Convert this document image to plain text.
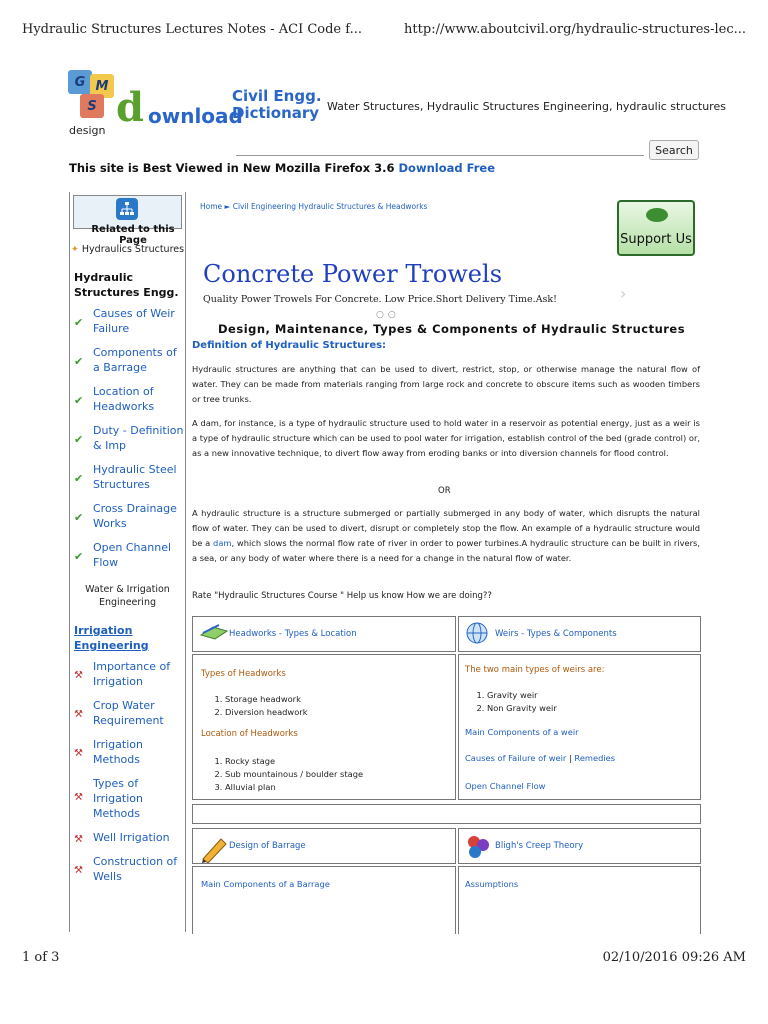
Hydraulic Structures Lectures Notes - ACI Code f...	http://www.aboutcivil.org/hydraulic-structures-lec...
G M
S d ownload
Civil Engg.
Dictionary Water Structures, Hydraulic Structures Engineering, hydraulic structures
design
Search
This site is Best Viewed in New Mozilla Firefox 3.6 Download Free
Related to this Page
✦ Hydraulics Structures
Hydraulic Structures Engg.
✔
Causes of Weir Failure
✔
Components of a Barrage
✔
Location of Headworks
✔
Duty - Definition & Imp
✔
Hydraulic Steel Structures
✔
Cross Drainage Works
✔
Open Channel Flow
Water & Irrigation Engineering
Irrigation Engineering
⚒
Importance of Irrigation
⚒
Crop Water Requirement
⚒
Irrigation Methods
⚒
Types of Irrigation Methods
⚒ Well Irrigation
⚒
Construction of Wells
Home ► Civil Engineering Hydraulic Structures & Headworks
Support Us
Concrete Power Trowels
Quality Power Trowels For Concrete. Low Price.Short Delivery Time.Ask!	›
○○
Design, Maintenance, Types & Components of Hydraulic Structures
Definition of Hydraulic Structures:
Hydraulic structures are anything that can be used to divert, restrict, stop, or otherwise manage the natural flow of water. They can be made from materials ranging from large rock and concrete to obscure items such as wooden timbers or tree trunks.
A dam, for instance, is a type of hydraulic structure used to hold water in a reservoir as potential energy, just as a weir is a type of hydraulic structure which can be used to pool water for irrigation, establish control of the bed (grade control) or, as a new innovative technique, to divert flow away from eroding banks or into diversion channels for flood control.
OR
A hydraulic structure is a structure submerged or partially submerged in any body of water, which disrupts the natural flow of water. They can be used to divert, disrupt or completely stop the flow. An example of a hydraulic structure would be a dam, which slows the normal flow rate of river in order to power turbines.A hydraulic structure can be built in rivers, a sea, or any body of water where there is a need for a change in the natural flow of water.
Rate "Hydraulic Structures Course " Help us know How we are doing??
Headworks - Types & Location	Weirs - Types & Components
Types of Headworks
1. Storage headwork
2. Diversion headwork
Location of Headworks
1. Rocky stage
2. Sub mountainous / boulder stage
3. Alluvial plan
The two main types of weirs are:
1. Gravity weir
2. Non Gravity weir
Main Components of a weir
Causes of Failure of weir | Remedies
Open Channel Flow
Design of Barrage	Bligh's Creep Theory
Main Components of a Barrage	Assumptions
1 of 3	02/10/2016 09:26 AM
